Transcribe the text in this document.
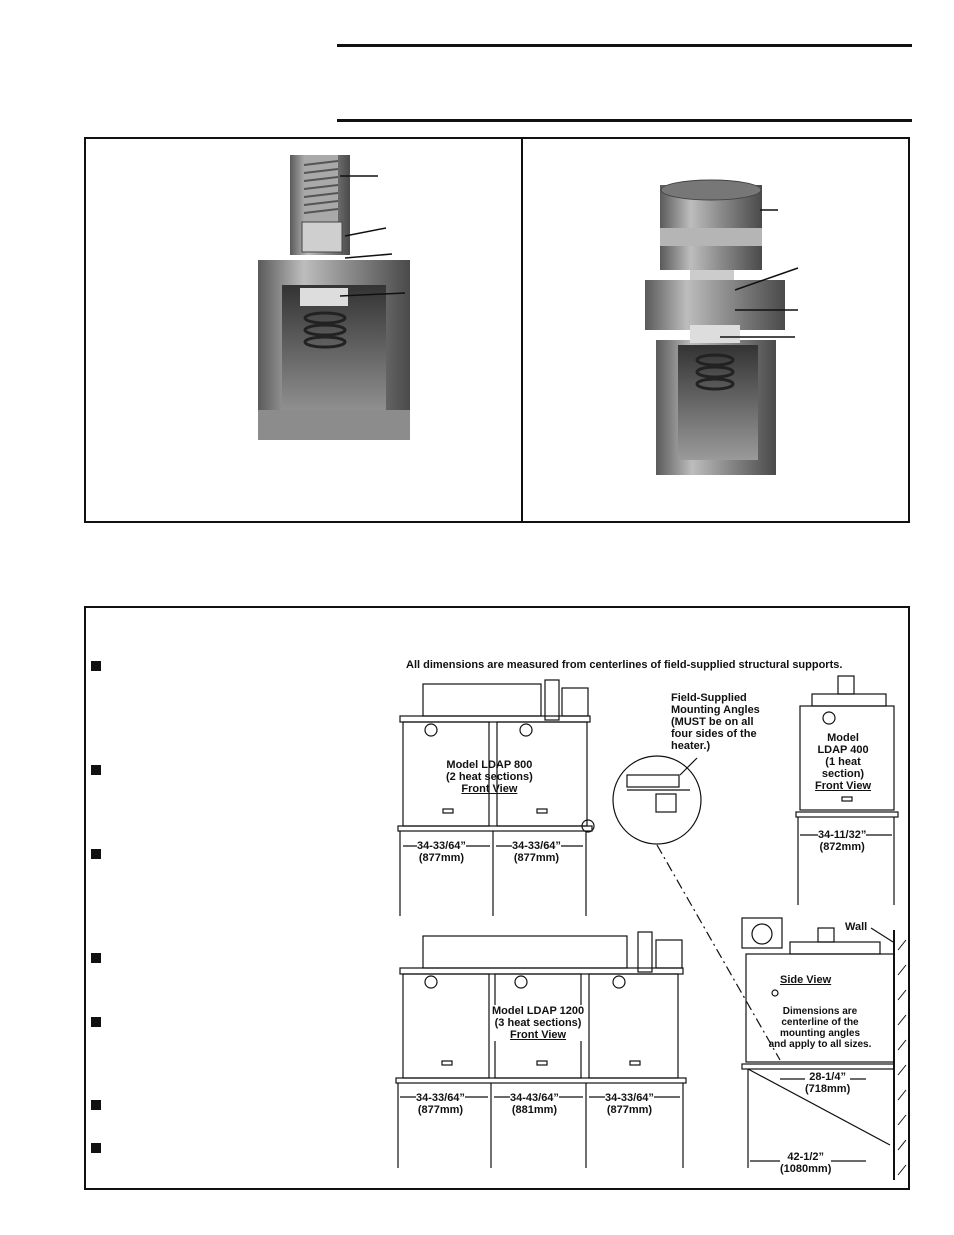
All dimensions are measured from centerlines of field-supplied structural supports.
Field-Supplied
Mounting Angles
(MUST be on all
four sides of the
heater.)
Model LDAP 800
(2 heat sections)
Front View
34-33/64”
(877mm)
34-33/64”
(877mm)
Model
LDAP 400
(1 heat
section)
Front View
34-11/32”
(872mm)
Model LDAP 1200
(3 heat sections)
Front View
34-33/64”
(877mm)
34-43/64”
(881mm)
34-33/64”
(877mm)
Wall
Side View
Dimensions are
centerline of the
mounting angles
and apply to all sizes.
28-1/4”
(718mm)
42-1/2”
(1080mm)
